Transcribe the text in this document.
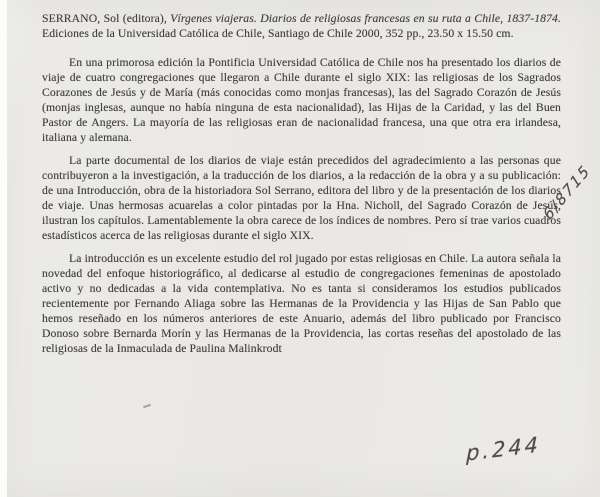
SERRANO, Sol (editora), Vírgenes viajeras. Diarios de religiosas francesas en su ruta a Chile, 1837-1874. Ediciones de la Universidad Católica de Chile, Santiago de Chile 2000, 352 pp., 23.50 x 15.50 cm.

En una primorosa edición la Pontificia Universidad Católica de Chile nos ha presentado los diarios de viaje de cuatro congregaciones que llegaron a Chile durante el siglo XIX: las religiosas de los Sagrados Corazones de Jesús y de María (más conocidas como monjas francesas), las del Sagrado Corazón de Jesús (monjas inglesas, aunque no había ninguna de esta nacionalidad), las Hijas de la Caridad, y las del Buen Pastor de Angers. La mayoría de las religiosas eran de nacionalidad francesa, una que otra era irlandesa, italiana y alemana.

La parte documental de los diarios de viaje están precedidos del agradecimiento a las personas que contribuyeron a la investigación, a la traducción de los diarios, a la redacción de la obra y a su publicación: de una Introducción, obra de la historiadora Sol Serrano, editora del libro y de la presentación de los diarios de viaje. Unas hermosas acuarelas a color pintadas por la Hna. Nicholl, del Sagrado Corazón de Jesús, ilustran los capítulos. Lamentablemente la obra carece de los índices de nombres. Pero sí trae varios cuadros estadísticos acerca de las religiosas durante el siglo XIX.

La introducción es un excelente estudio del rol jugado por estas religiosas en Chile. La autora señala la novedad del enfoque historiográfico, al dedicarse al estudio de congregaciones femeninas de apostolado activo y no dedicadas a la vida contemplativa. No es tanta si consideramos los estudios publicados recientemente por Fernando Aliaga sobre las Hermanas de la Providencia y las Hijas de San Pablo que hemos reseñado en los números anteriores de este Anuario, además del libro publicado por Francisco Donoso sobre Bernarda Morín y las Hermanas de la Providencia, las cortas reseñas del apostolado de las religiosas de la Inmaculada de Paulina Malinkrodt

6/8715
p.244
